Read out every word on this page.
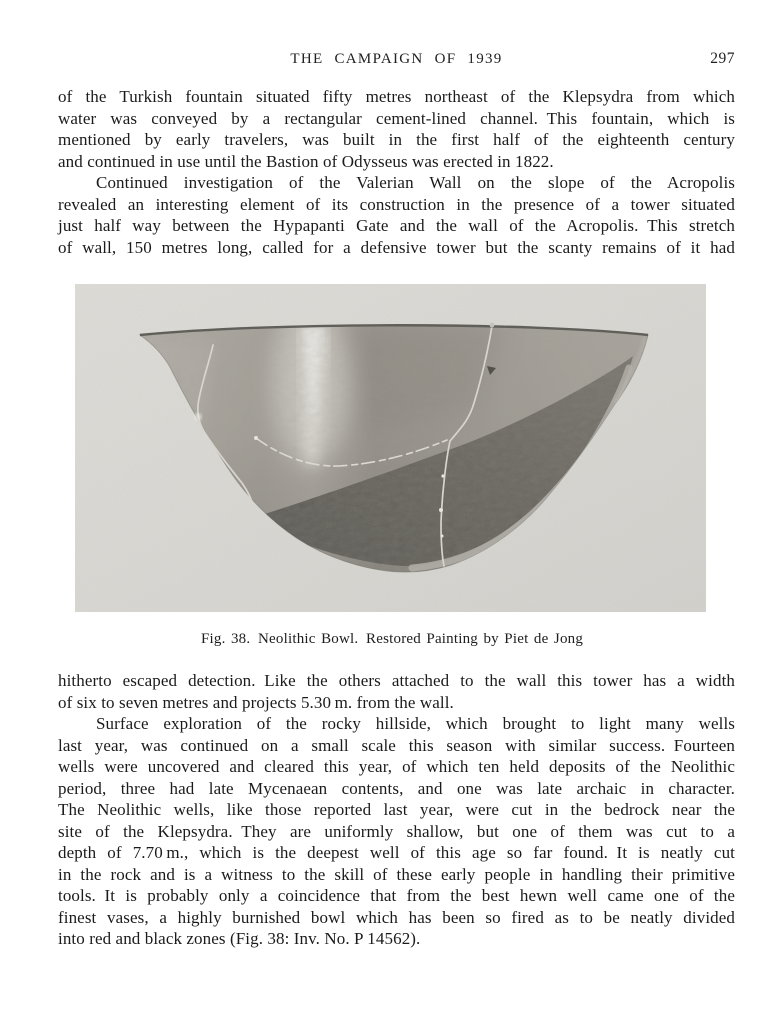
THE CAMPAIGN OF 1939	297
of the Turkish fountain situated fifty metres northeast of the Klepsydra from which
water was conveyed by a rectangular cement-lined channel. This fountain, which is
mentioned by early travelers, was built in the first half of the eighteenth century
and continued in use until the Bastion of Odysseus was erected in 1822.
Continued investigation of the Valerian Wall on the slope of the Acropolis
revealed an interesting element of its construction in the presence of a tower situated
just half way between the Hypapanti Gate and the wall of the Acropolis. This stretch
of wall, 150 metres long, called for a defensive tower but the scanty remains of it had
Fig. 38. Neolithic Bowl. Restored Painting by Piet de Jong
hitherto escaped detection. Like the others attached to the wall this tower has a width
of six to seven metres and projects 5.30 m. from the wall.
Surface exploration of the rocky hillside, which brought to light many wells
last year, was continued on a small scale this season with similar success. Fourteen
wells were uncovered and cleared this year, of which ten held deposits of the Neolithic
period, three had late Mycenaean contents, and one was late archaic in character.
The Neolithic wells, like those reported last year, were cut in the bedrock near the
site of the Klepsydra. They are uniformly shallow, but one of them was cut to a
depth of 7.70 m., which is the deepest well of this age so far found. It is neatly cut
in the rock and is a witness to the skill of these early people in handling their primitive
tools. It is probably only a coincidence that from the best hewn well came one of the
finest vases, a highly burnished bowl which has been so fired as to be neatly divided
into red and black zones (Fig. 38: Inv. No. P 14562).
